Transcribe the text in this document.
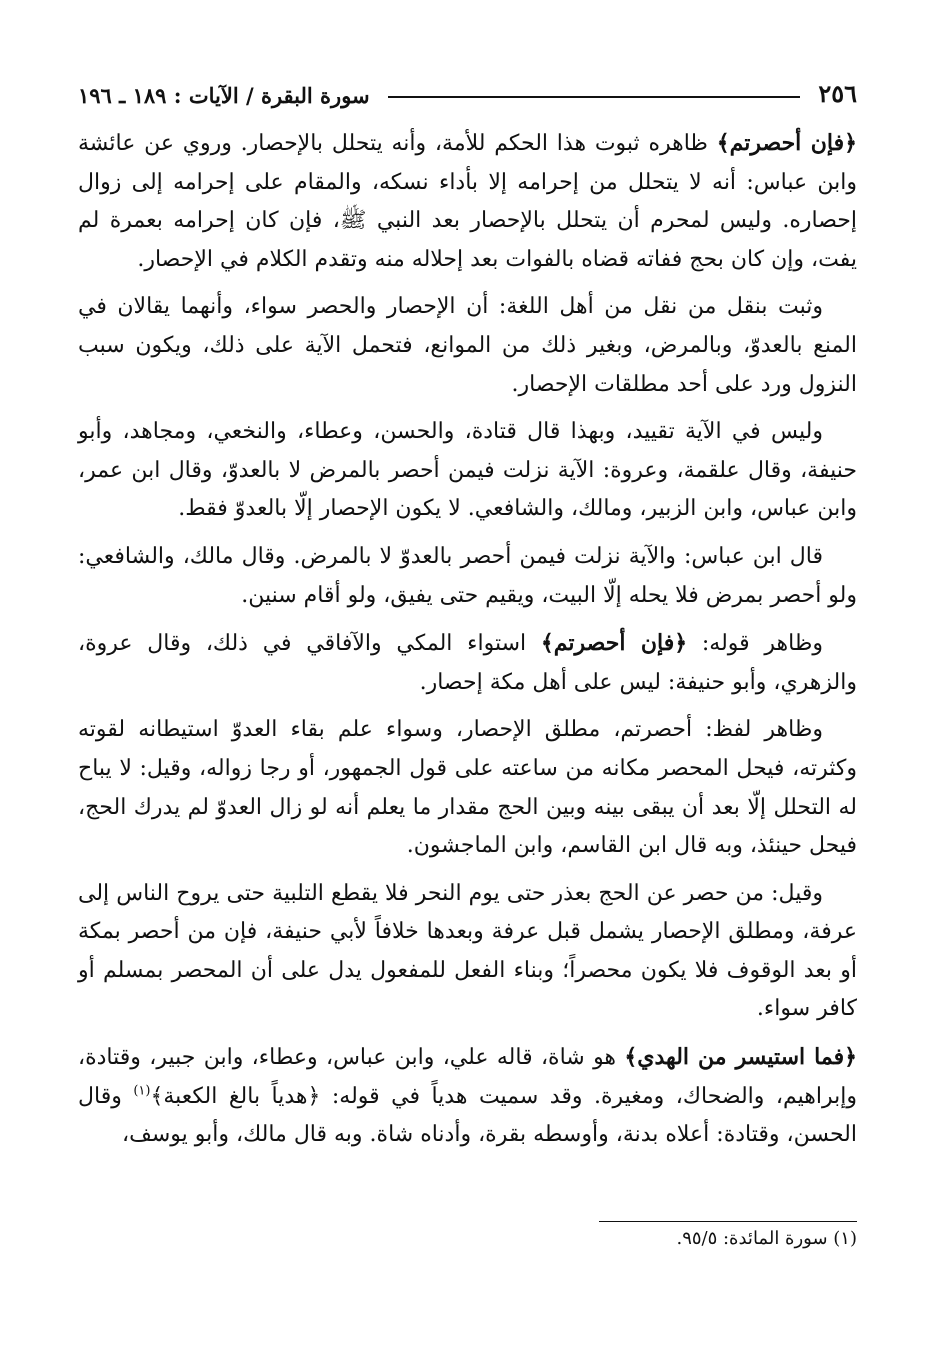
٢٥٦
سورة البقرة / الآيات : ١٨٩ ـ ١٩٦

﴿فإن أحصرتم﴾ ظاهره ثبوت هذا الحكم للأمة، وأنه يتحلل بالإحصار. وروي عن عائشة وابن عباس: أنه لا يتحلل من إحرامه إلا بأداء نسكه، والمقام على إحرامه إلى زوال إحصاره. وليس لمحرم أن يتحلل بالإحصار بعد النبي ﷺ، فإن كان إحرامه بعمرة لم يفت، وإن كان بحج ففاته قضاه بالفوات بعد إحلاله منه وتقدم الكلام في الإحصار.

وثبت بنقل من نقل من أهل اللغة: أن الإحصار والحصر سواء، وأنهما يقالان في المنع بالعدوّ، وبالمرض، وبغير ذلك من الموانع، فتحمل الآية على ذلك، ويكون سبب النزول ورد على أحد مطلقات الإحصار.

وليس في الآية تقييد، وبهذا قال قتادة، والحسن، وعطاء، والنخعي، ومجاهد، وأبو حنيفة، وقال علقمة، وعروة: الآية نزلت فيمن أحصر بالمرض لا بالعدوّ، وقال ابن عمر، وابن عباس، وابن الزبير، ومالك، والشافعي. لا يكون الإحصار إلّا بالعدوّ فقط.

قال ابن عباس: والآية نزلت فيمن أحصر بالعدوّ لا بالمرض. وقال مالك، والشافعي: ولو أحصر بمرض فلا يحله إلّا البيت، ويقيم حتى يفيق، ولو أقام سنين.

وظاهر قوله: ﴿فإن أحصرتم﴾ استواء المكي والآفاقي في ذلك، وقال عروة، والزهري، وأبو حنيفة: ليس على أهل مكة إحصار.

وظاهر لفظ: أحصرتم، مطلق الإحصار، وسواء علم بقاء العدوّ استيطانه لقوته وكثرته، فيحل المحصر مكانه من ساعته على قول الجمهور، أو رجا زواله، وقيل: لا يباح له التحلل إلّا بعد أن يبقى بينه وبين الحج مقدار ما يعلم أنه لو زال العدوّ لم يدرك الحج، فيحل حينئذ، وبه قال ابن القاسم، وابن الماجشون.

وقيل: من حصر عن الحج بعذر حتى يوم النحر فلا يقطع التلبية حتى يروح الناس إلى عرفة، ومطلق الإحصار يشمل قبل عرفة وبعدها خلافاً لأبي حنيفة، فإن من أحصر بمكة أو بعد الوقوف فلا يكون محصراً؛ وبناء الفعل للمفعول يدل على أن المحصر بمسلم أو كافر سواء.

﴿فما استيسر من الهدي﴾ هو شاة، قاله علي، وابن عباس، وعطاء، وابن جبير، وقتادة، وإبراهيم، والضحاك، ومغيرة. وقد سميت هدياً في قوله: ﴿هدياً بالغ الكعبة﴾$^{(١)}$ وقال الحسن، وقتادة: أعلاه بدنة، وأوسطه بقرة، وأدناه شاة. وبه قال مالك، وأبو يوسف،

(١) سورة المائدة: ٩٥/٥.
